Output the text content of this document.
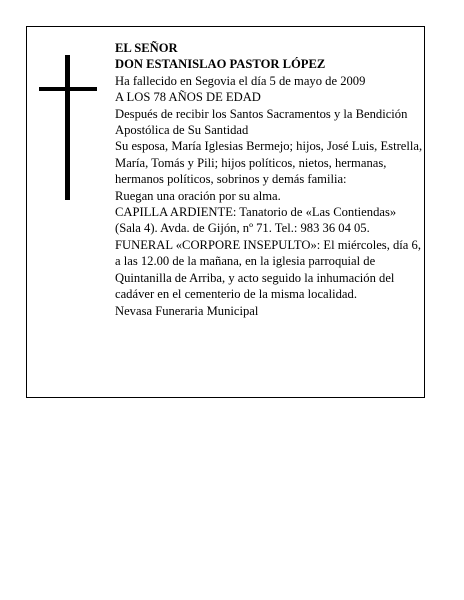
EL SEÑOR

DON ESTANISLAO PASTOR LÓPEZ

Ha fallecido en Segovia el día 5 de mayo de 2009

A LOS 78 AÑOS DE EDAD

Después de recibir los Santos Sacramentos y la Bendición Apostólica de Su Santidad

Su esposa, María Iglesias Bermejo; hijos, José Luis, Estrella, María, Tomás y Pili; hijos políticos, nietos, hermanas, hermanos políticos, sobrinos y demás familia:

Ruegan una oración por su alma.

CAPILLA ARDIENTE: Tanatorio de «Las Contiendas» (Sala 4). Avda. de Gijón, nº 71. Tel.: 983 36 04 05.

FUNERAL «CORPORE INSEPULTO»: El miércoles, día 6, a las 12.00 de la mañana, en la iglesia parroquial de Quintanilla de Arriba, y acto seguido la inhumación del cadáver en el cementerio de la misma localidad.

Nevasa Funeraria Municipal
